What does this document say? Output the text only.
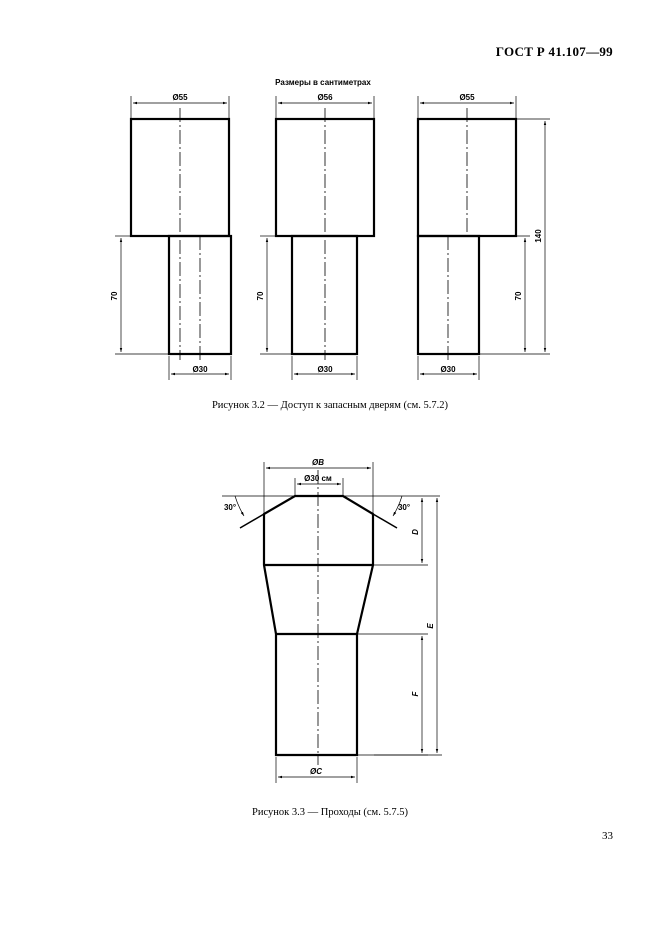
ГОСТ Р 41.107—99
Размеры в сантиметрах
Ø55
Ø30
70
Ø56
Ø30
70
Ø55
Ø30
70
140
ØB
Ø30 см
30°	30°
D
E
F
ØC
Рисунок 3.2 — Доступ к запасным дверям (см. 5.7.2)
Рисунок 3.3 — Проходы (см. 5.7.5)
33
